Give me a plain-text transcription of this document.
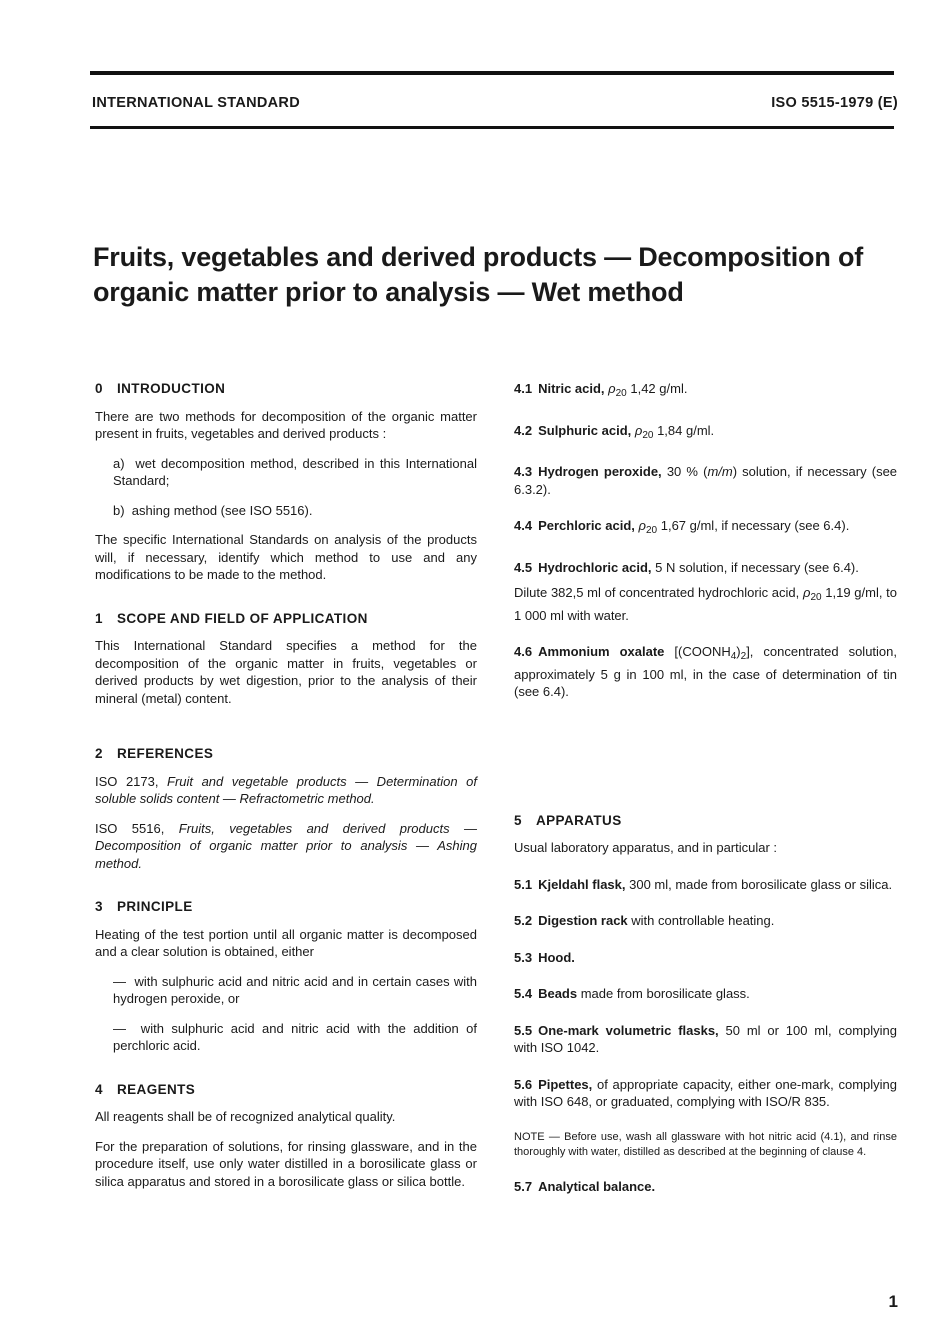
INTERNATIONAL STANDARD	ISO 5515-1979 (E)
Fruits, vegetables and derived products — Decomposition of
organic matter prior to analysis — Wet method
0 INTRODUCTION

There are two methods for decomposition of the organic matter present in fruits, vegetables and derived products :

a)  wet decomposition method, described in this International Standard;

b)  ashing method (see ISO 5516).

The specific International Standards on analysis of the products will, if necessary, identify which method to use and any modifications to be made to the method.

1 SCOPE AND FIELD OF APPLICATION

This International Standard specifies a method for the decomposition of the organic matter in fruits, vegetables or derived products by wet digestion, prior to the analysis of their mineral (metal) content.

2 REFERENCES

ISO 2173, Fruit and vegetable products — Determination of soluble solids content — Refractometric method.

ISO 5516, Fruits, vegetables and derived products — Decomposition of organic matter prior to analysis — Ashing method.

3 PRINCIPLE

Heating of the test portion until all organic matter is decomposed and a clear solution is obtained, either

—  with sulphuric acid and nitric acid and in certain cases with hydrogen peroxide, or

—  with sulphuric acid and nitric acid with the addition of perchloric acid.

4 REAGENTS

All reagents shall be of recognized analytical quality.

For the preparation of solutions, for rinsing glassware, and in the procedure itself, use only water distilled in a borosilicate glass or silica apparatus and stored in a borosilicate glass or silica bottle.

4.1 Nitric acid, $\rho_{20}$ 1,42 g/ml.
4.2 Sulphuric acid, $\rho_{20}$ 1,84 g/ml.
4.3 Hydrogen peroxide, 30 % (m/m) solution, if necessary (see 6.3.2).
4.4 Perchloric acid, $\rho_{20}$ 1,67 g/ml, if necessary (see 6.4).
4.5 Hydrochloric acid, 5 N solution, if necessary (see 6.4).
Dilute 382,5 ml of concentrated hydrochloric acid, $\rho_{20}$ 1,19 g/ml, to 1 000 ml with water.
4.6 Ammonium oxalate $[(COONH_4)_2]$, concentrated solution, approximately 5 g in 100 ml, in the case of determination of tin (see 6.4).
5 APPARATUS

Usual laboratory apparatus, and in particular :

5.1 Kjeldahl flask, 300 ml, made from borosilicate glass or silica.
5.2 Digestion rack with controllable heating.
5.3 Hood.
5.4 Beads made from borosilicate glass.
5.5 One-mark volumetric flasks, 50 ml or 100 ml, complying with ISO 1042.
5.6 Pipettes, of appropriate capacity, either one-mark, complying with ISO 648, or graduated, complying with ISO/R 835.

NOTE — Before use, wash all glassware with hot nitric acid (4.1), and rinse thoroughly with water, distilled as described at the beginning of clause 4.

5.7 Analytical balance.
1
